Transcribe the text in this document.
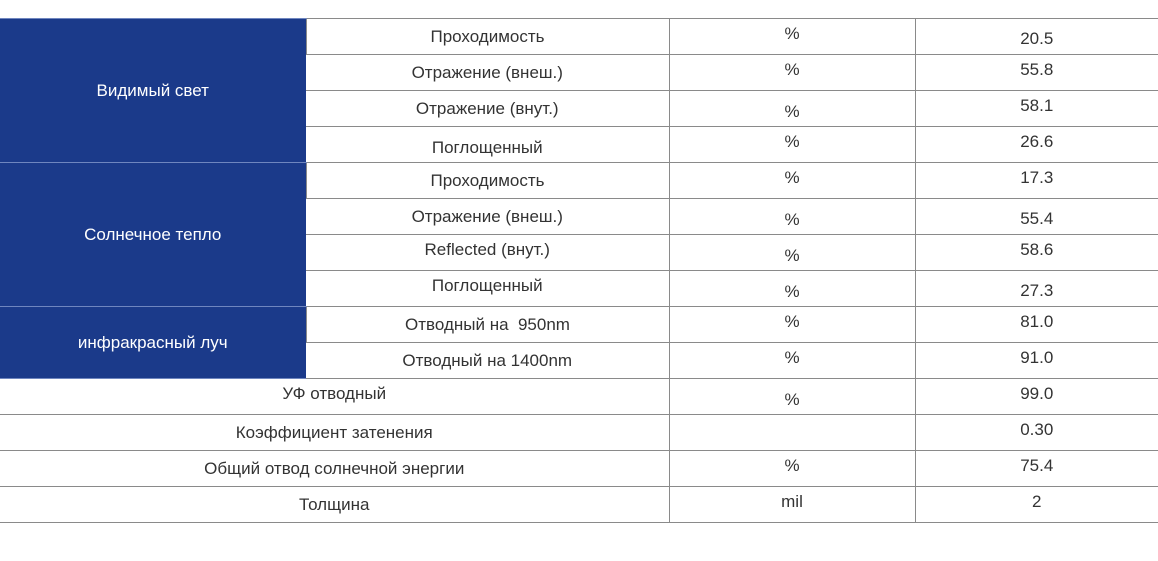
Видимый свет	Проходимость	%	20.5
	Отражение (внеш.)	%	55.8
	Отражение (внут.)	%	58.1
	Поглощенный	%	26.6
Солнечное тепло	Проходимость	%	17.3
	Отражение (внеш.)	%	55.4
	Reflected (внут.)	%	58.6
	Поглощенный	%	27.3
инфракрасный луч	Отводный на  950nm	%	81.0
	Отводный на 1400nm	%	91.0
УФ отводный		%	99.0
Коэффициент затенения			0.30
Общий отвод солнечной энергии		%	75.4
Толщина		mil	2
